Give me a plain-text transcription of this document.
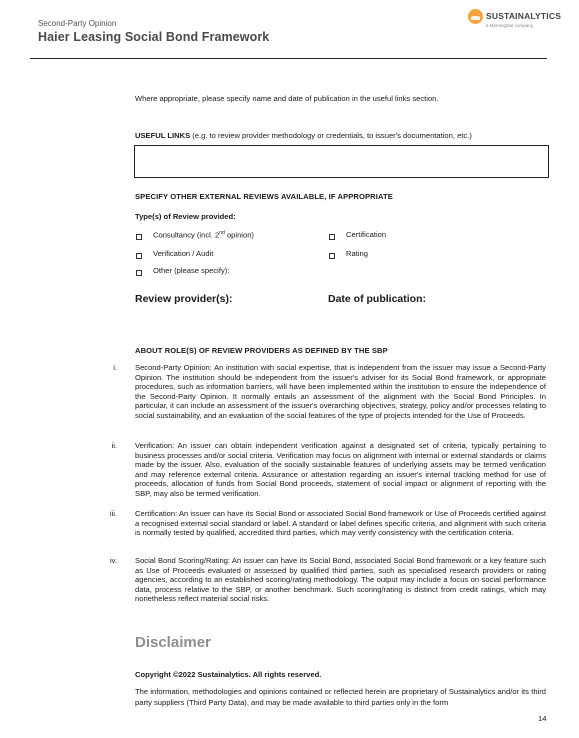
Second-Party Opinion
Haier Leasing Social Bond Framework
SUSTAINALYTICS
a Morningstar company
Where appropriate, please specify name and date of publication in the useful links section.
USEFUL LINKS (e.g. to review provider methodology or credentials, to issuer's documentation, etc.)
SPECIFY OTHER EXTERNAL REVIEWS AVAILABLE, IF APPROPRIATE
Type(s) of Review provided:
Consultancy (incl. 2nd opinion)	Certification
Verification / Audit	Rating
Other (please specify):
Review provider(s):	Date of publication:
ABOUT ROLE(S) OF REVIEW PROVIDERS AS DEFINED BY THE SBP
i. Second-Party Opinion: An institution with social expertise, that is independent from the issuer may issue a Second-Party Opinion. The institution should be independent from the issuer's adviser for its Social Bond framework, or appropriate procedures, such as information barriers, will have been implemented within the institution to ensure the independence of the Second-Party Opinion. It normally entails an assessment of the alignment with the Social Bond Principles. In particular, it can include an assessment of the issuer's overarching objectives, strategy, policy and/or processes relating to social sustainability, and an evaluation of the social features of the type of projects intended for the Use of Proceeds.
ii. Verification: An issuer can obtain independent verification against a designated set of criteria, typically pertaining to business processes and/or social criteria. Verification may focus on alignment with internal or external standards or claims made by the issuer. Also, evaluation of the socially sustainable features of underlying assets may be termed verification and may reference external criteria. Assurance or attestation regarding an issuer's internal tracking method for use of proceeds, allocation of funds from Social Bond proceeds, statement of social impact or alignment of reporting with the SBP, may also be termed verification.
iii. Certification: An issuer can have its Social Bond or associated Social Bond framework or Use of Proceeds certified against a recognised external social standard or label. A standard or label defines specific criteria, and alignment with such criteria is normally tested by qualified, accredited third parties, which may verify consistency with the certification criteria.
iv. Social Bond Scoring/Rating: An issuer can have its Social Bond, associated Social Bond framework or a key feature such as Use of Proceeds evaluated or assessed by qualified third parties, such as specialised research providers or rating agencies, according to an established scoring/rating methodology. The output may include a focus on social performance data, process relative to the SBP, or another benchmark. Such scoring/rating is distinct from credit ratings, which may nonetheless reflect material social risks.
Disclaimer
Copyright ©2022 Sustainalytics. All rights reserved.
The information, methodologies and opinions contained or reflected herein are proprietary of Sustainalytics and/or its third party suppliers (Third Party Data), and may be made available to third parties only in the form
14
